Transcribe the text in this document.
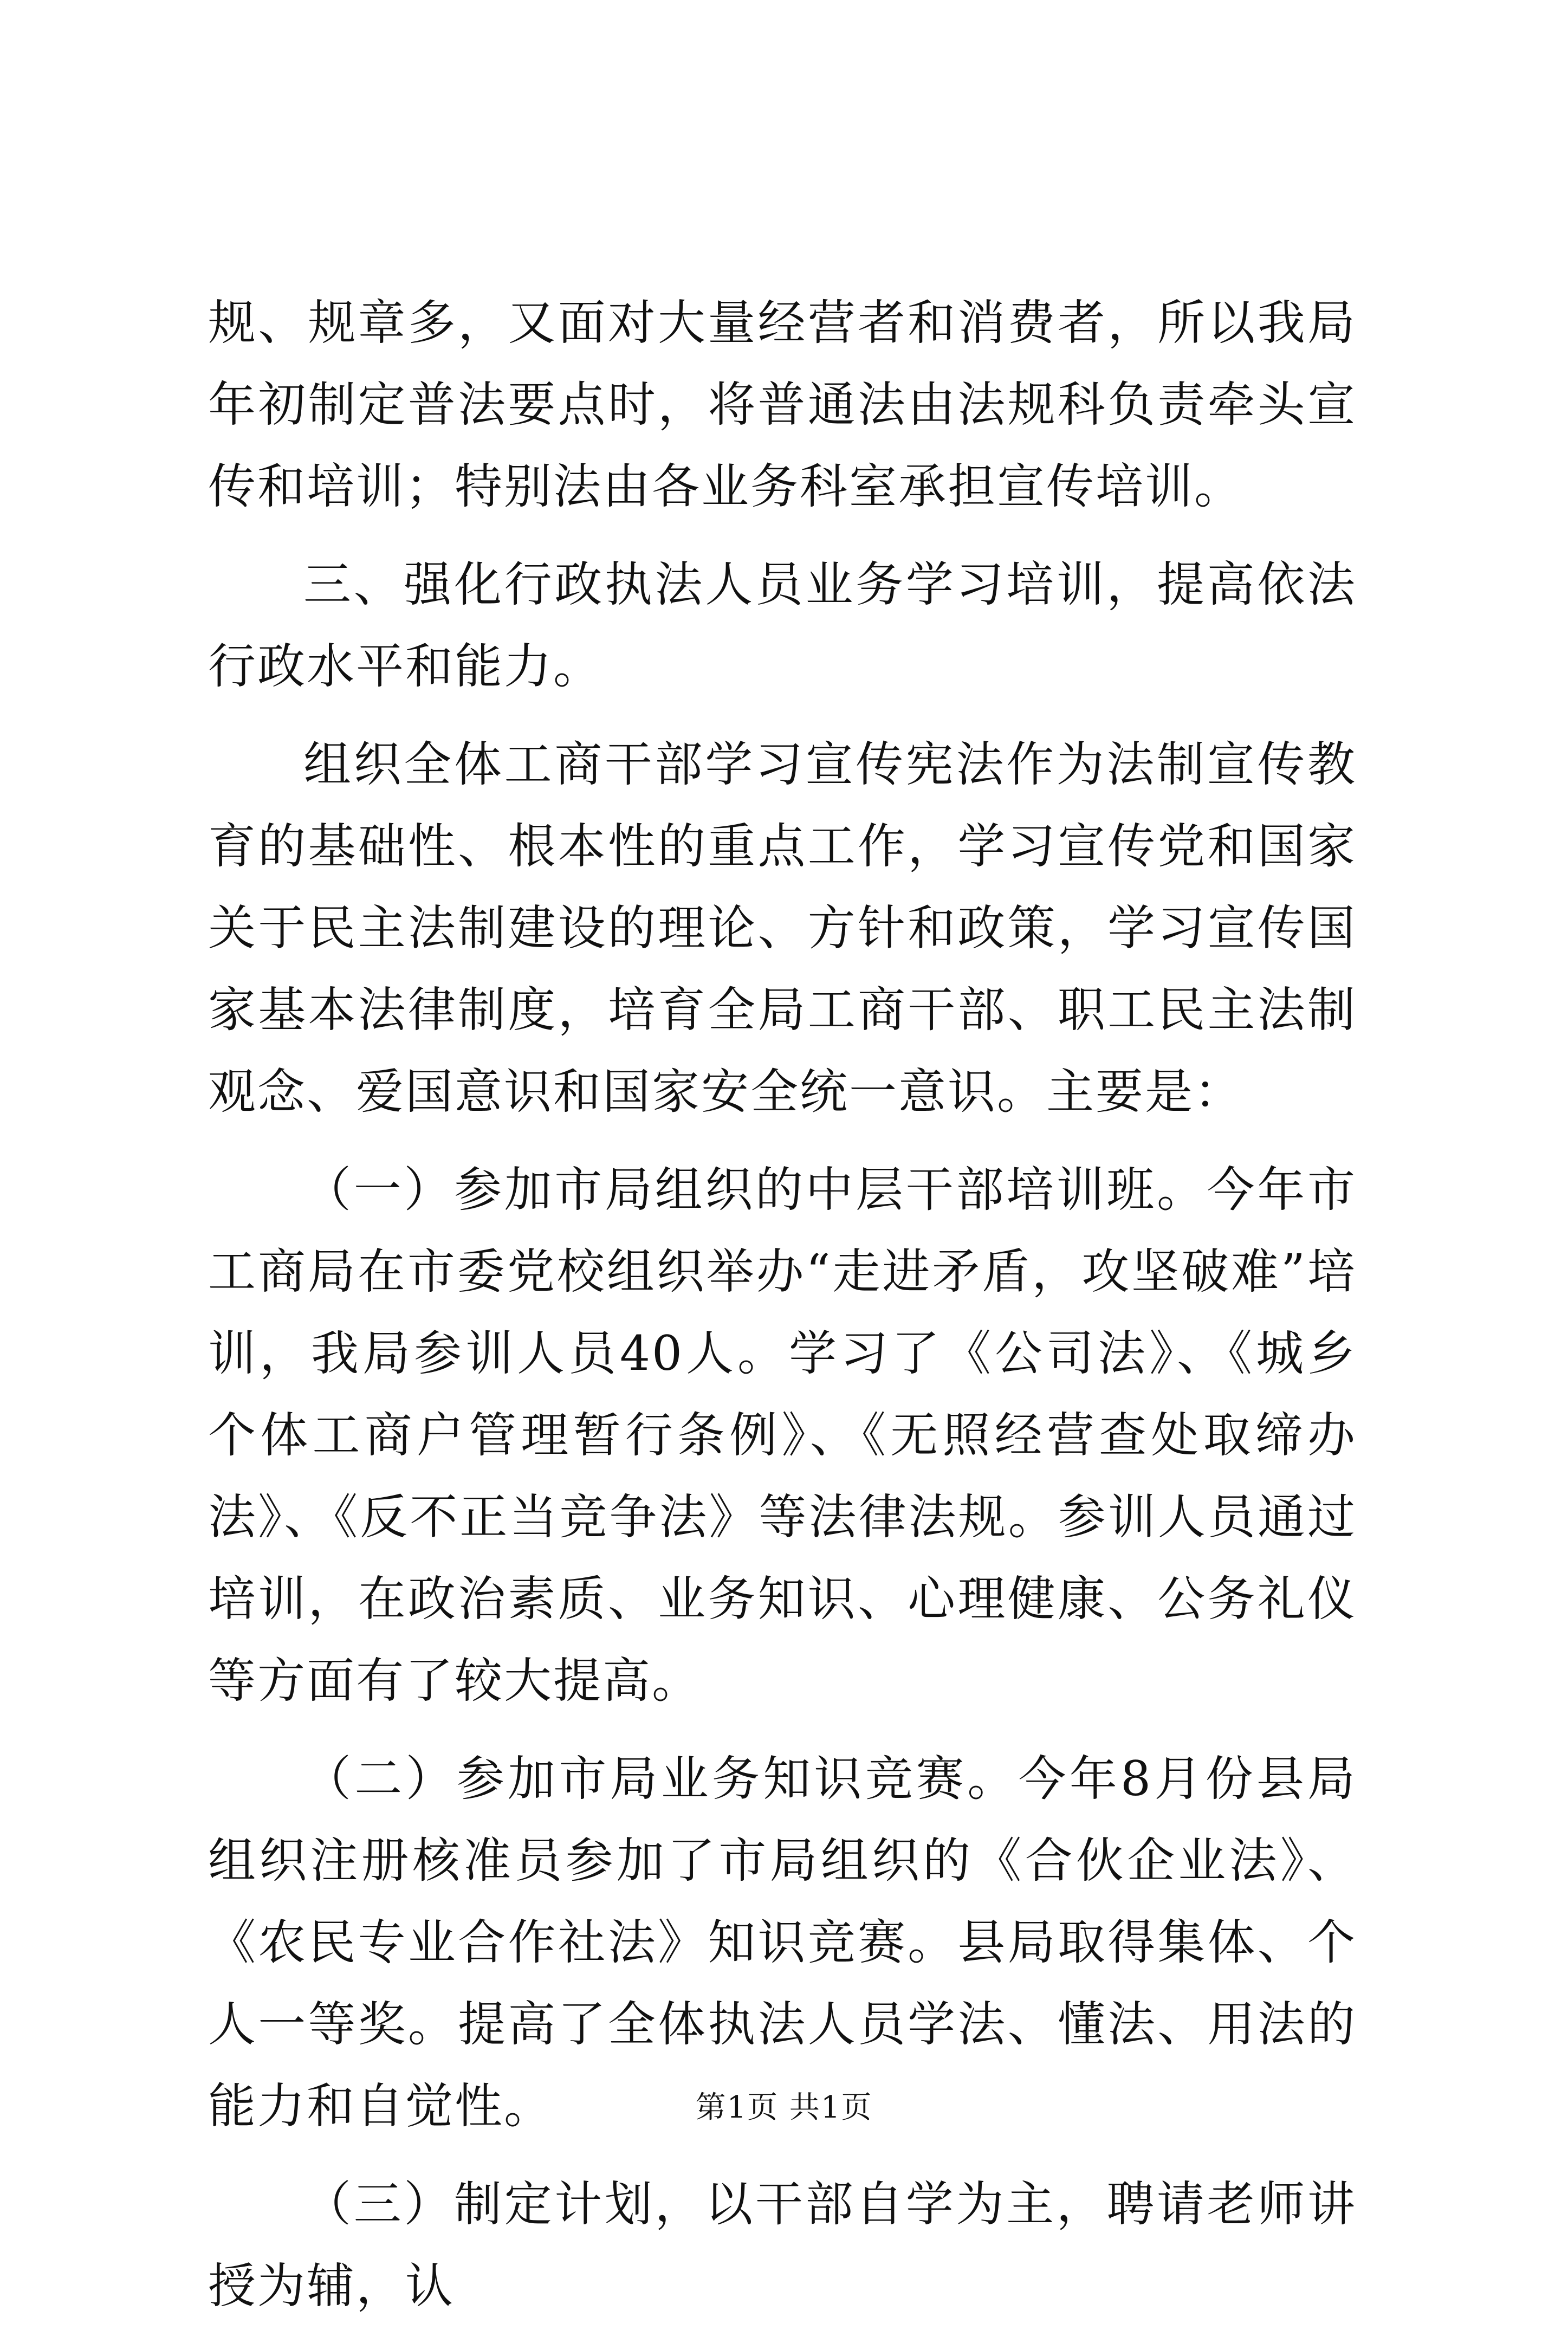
规、规章多，又面对大量经营者和消费者，所以我局年初制定普法要点时，将普通法由法规科负责牵头宣传和培训；特别法由各业务科室承担宣传培训。

三、强化行政执法人员业务学习培训，提高依法行政水平和能力。

组织全体工商干部学习宣传宪法作为法制宣传教育的基础性、根本性的重点工作，学习宣传党和国家关于民主法制建设的理论、方针和政策，学习宣传国家基本法律制度，培育全局工商干部、职工民主法制观念、爱国意识和国家安全统一意识。主要是：

（一）参加市局组织的中层干部培训班。今年市工商局在市委党校组织举办“走进矛盾，攻坚破难”培训，我局参训人员40人。学习了《公司法》、《城乡个体工商户管理暂行条例》、《无照经营查处取缔办法》、《反不正当竞争法》等法律法规。参训人员通过培训，在政治素质、业务知识、心理健康、公务礼仪等方面有了较大提高。

（二）参加市局业务知识竞赛。今年8月份县局组织注册核准员参加了市局组织的《合伙企业法》、《农民专业合作社法》知识竞赛。县局取得集体、个人一等奖。提高了全体执法人员学法、懂法、用法的能力和自觉性。

（三）制定计划，以干部自学为主，聘请老师讲授为辅，认

第1页 共1页
